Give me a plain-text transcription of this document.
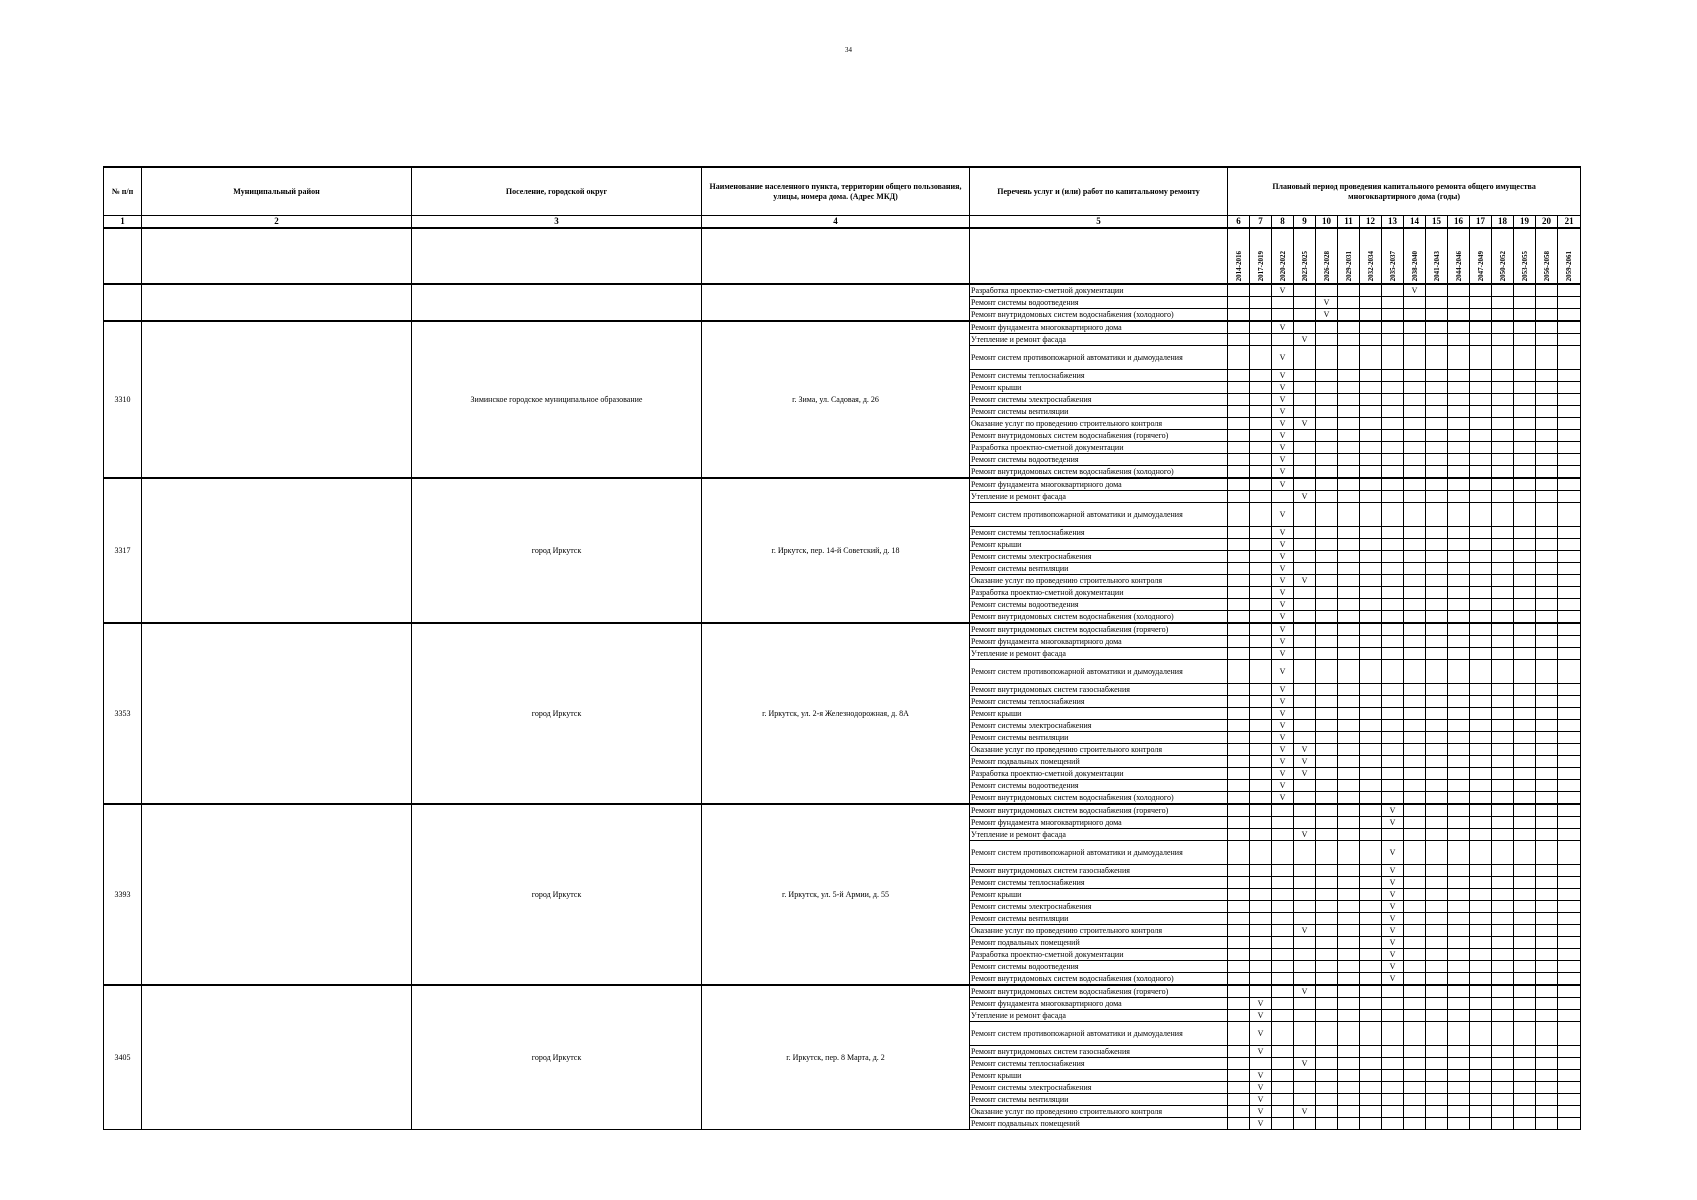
34
№ п/п	Муниципальный район	Поселение, городской округ	Наименование населенного пункта, территории общего пользования, улицы, номера дома. (Адрес МКД)	Перечень услуг и (или) работ по капитальному ремонту	Плановый период проведения капитального ремонта общего имущества многоквартирного дома (годы)															

1	2	3	4	5	6	7	8	9	10	11	12	13	14	15	16	17	18	19	20	21

					2014-2016	2017-2019	2020-2022	2023-2025	2026-2028	2029-2031	2032-2034	2035-2037	2038-2040	2041-2043	2044-2046	2047-2049	2050-2052	2053-2055	2056-2058	2059-2061

				Разработка проектно-сметной документации			V						V							
				Ремонт системы водоотведения					V											
				Ремонт внутридомовых систем водоснабжения (холодного)					V											
3310		Зиминское городское муниципальное образование	г. Зима, ул. Садовая, д. 26	Ремонт фундамента многоквартирного дома			V													
				Утепление и ремонт фасада				V												
				Ремонт систем противопожарной автоматики и дымоудаления			V													
				Ремонт системы теплоснабжения			V													
				Ремонт крыши			V													
				Ремонт системы электроснабжения			V													
				Ремонт системы вентиляции			V													
				Оказание услуг по проведению строительного контроля			V	V												
				Ремонт внутридомовых систем водоснабжения (горячего)			V													
				Разработка проектно-сметной документации			V													
				Ремонт системы водоотведения			V													
				Ремонт внутридомовых систем водоснабжения (холодного)			V													
3317		город Иркутск	г. Иркутск, пер. 14-й Советский, д. 18	Ремонт фундамента многоквартирного дома			V													
				Утепление и ремонт фасада				V												
				Ремонт систем противопожарной автоматики и дымоудаления			V													
				Ремонт системы теплоснабжения			V													
				Ремонт крыши			V													
				Ремонт системы электроснабжения			V													
				Ремонт системы вентиляции			V													
				Оказание услуг по проведению строительного контроля			V	V												
				Разработка проектно-сметной документации			V													
				Ремонт системы водоотведения			V													
				Ремонт внутридомовых систем водоснабжения (холодного)			V													
3353		город Иркутск	г. Иркутск, ул. 2-я Железнодорожная, д. 8А	Ремонт внутридомовых систем водоснабжения (горячего)			V													
				Ремонт фундамента многоквартирного дома			V													
				Утепление и ремонт фасада			V													
				Ремонт систем противопожарной автоматики и дымоудаления			V													
				Ремонт внутридомовых систем газоснабжения			V													
				Ремонт системы теплоснабжения			V													
				Ремонт крыши			V													
				Ремонт системы электроснабжения			V													
				Ремонт системы вентиляции			V													
				Оказание услуг по проведению строительного контроля			V	V												
				Ремонт подвальных помещений			V	V												
				Разработка проектно-сметной документации			V	V												
				Ремонт системы водоотведения			V													
				Ремонт внутридомовых систем водоснабжения (холодного)			V													
3393		город Иркутск	г. Иркутск, ул. 5-й Армии, д. 55	Ремонт внутридомовых систем водоснабжения (горячего)								V								
				Ремонт фундамента многоквартирного дома								V								
				Утепление и ремонт фасада				V												
				Ремонт систем противопожарной автоматики и дымоудаления								V								
				Ремонт внутридомовых систем газоснабжения								V								
				Ремонт системы теплоснабжения								V								
				Ремонт крыши								V								
				Ремонт системы электроснабжения								V								
				Ремонт системы вентиляции								V								
				Оказание услуг по проведению строительного контроля				V				V								
				Ремонт подвальных помещений								V								
				Разработка проектно-сметной документации								V								
				Ремонт системы водоотведения								V								
				Ремонт внутридомовых систем водоснабжения (холодного)								V								
3405		город Иркутск	г. Иркутск, пер. 8 Марта, д. 2	Ремонт внутридомовых систем водоснабжения (горячего)				V												
				Ремонт фундамента многоквартирного дома		V														
				Утепление и ремонт фасада		V														
				Ремонт систем противопожарной автоматики и дымоудаления		V														
				Ремонт внутридомовых систем газоснабжения		V														
				Ремонт системы теплоснабжения				V												
				Ремонт крыши		V														
				Ремонт системы электроснабжения		V														
				Ремонт системы вентиляции		V														
				Оказание услуг по проведению строительного контроля		V		V												
				Ремонт подвальных помещений		V														
